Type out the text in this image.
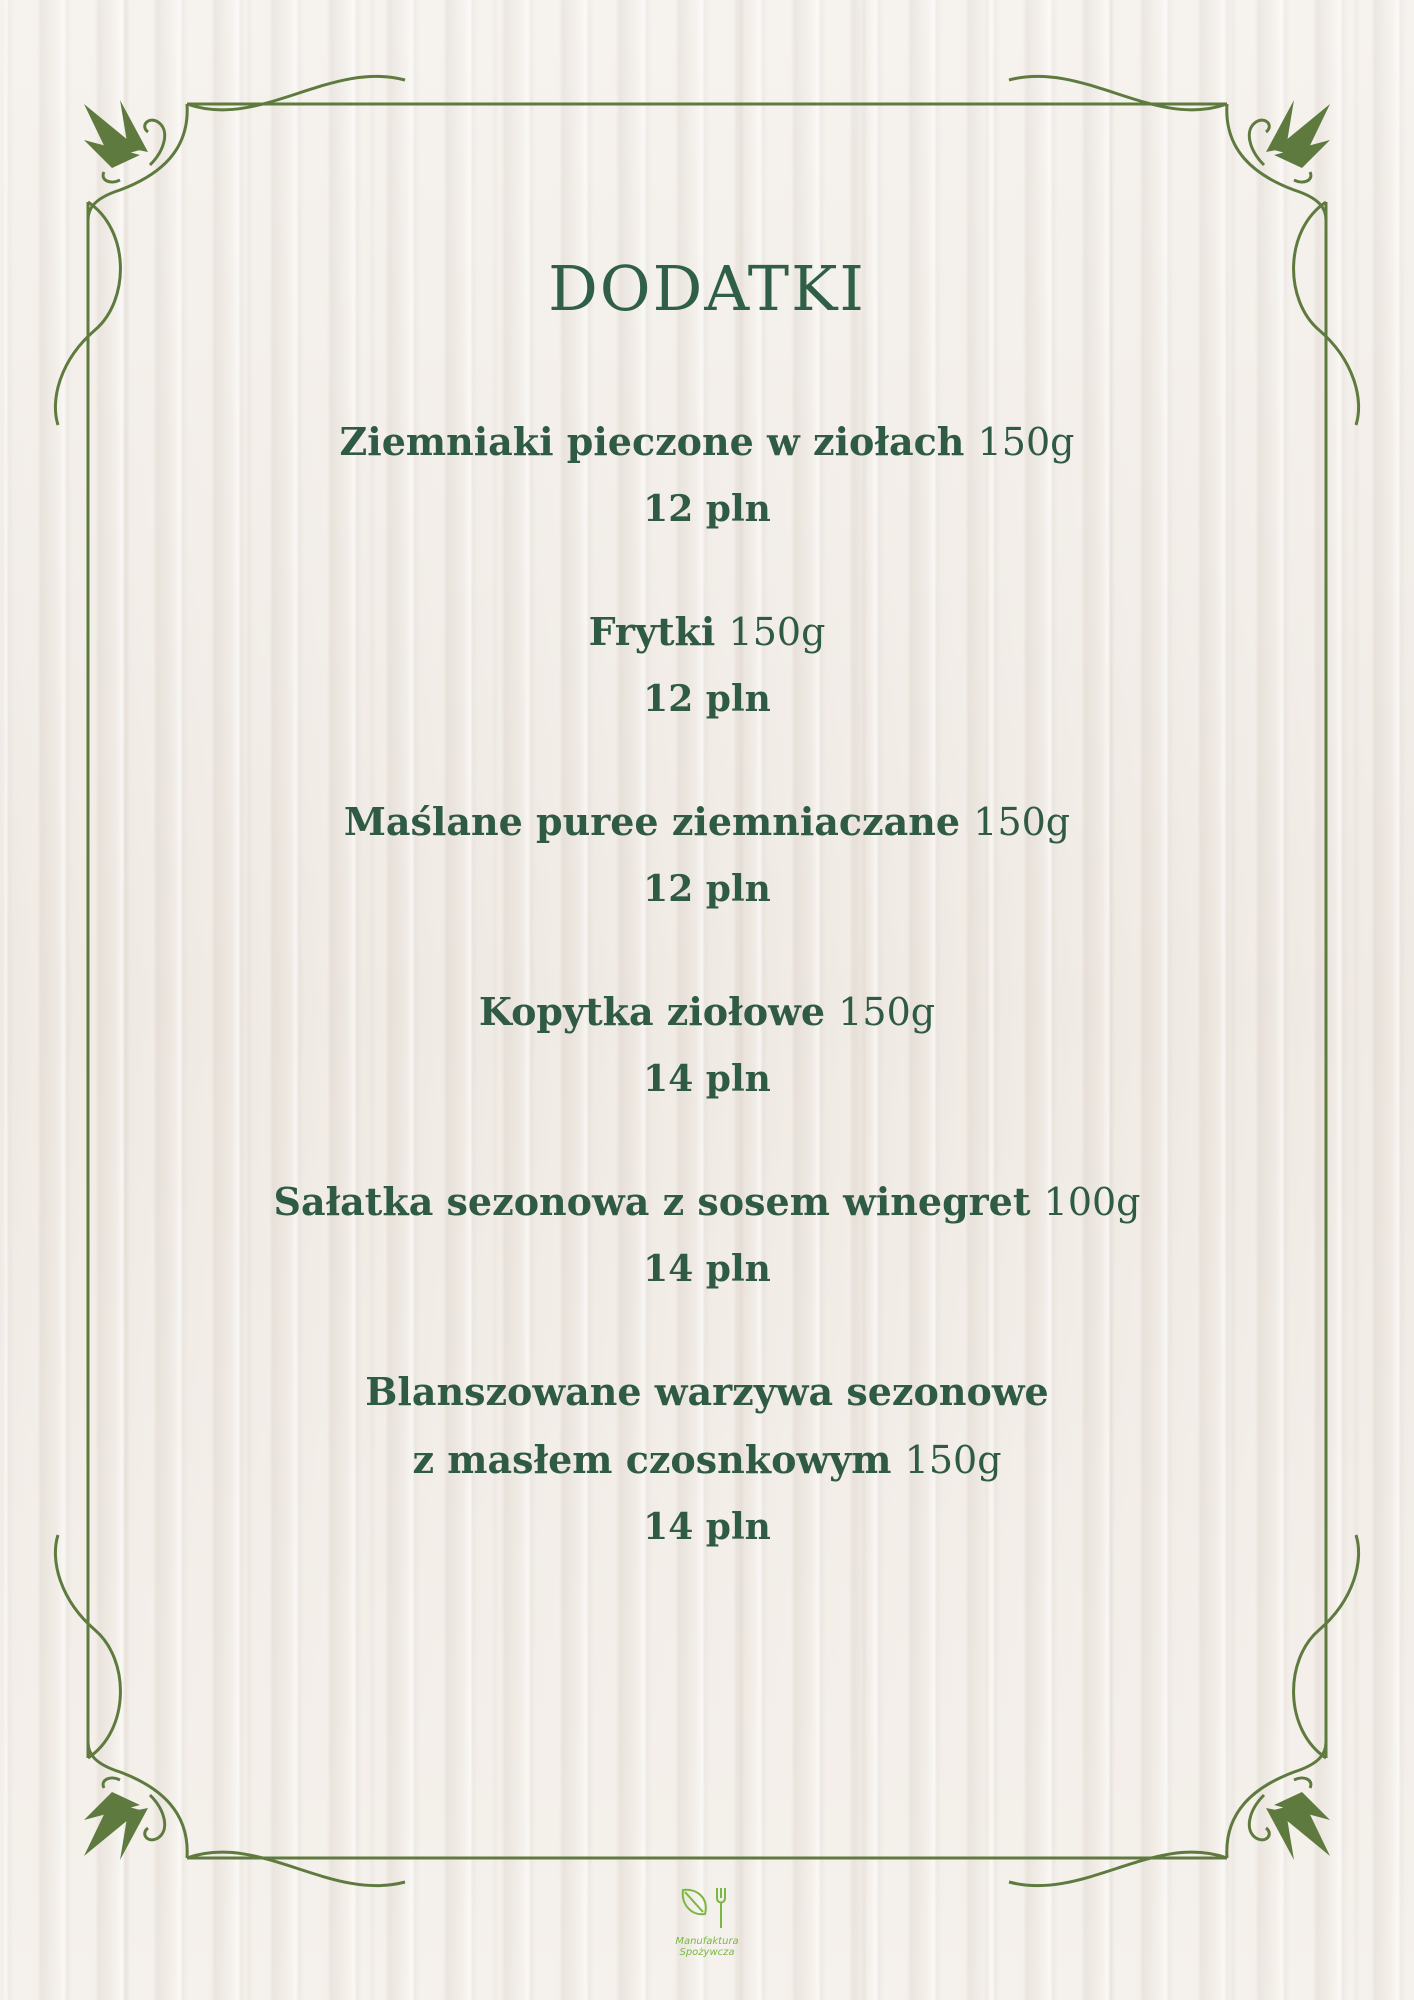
DODATKI
Ziemniaki pieczone w ziołach 150g
12 pln
Frytki 150g
12 pln
Maślane puree ziemniaczane 150g
12 pln
Kopytka ziołowe 150g
14 pln
Sałatka sezonowa z sosem winegret 100g
14 pln
Blanszowane warzywa sezonowe
z masłem czosnkowym 150g
14 pln
Manufaktura
Spożywcza
